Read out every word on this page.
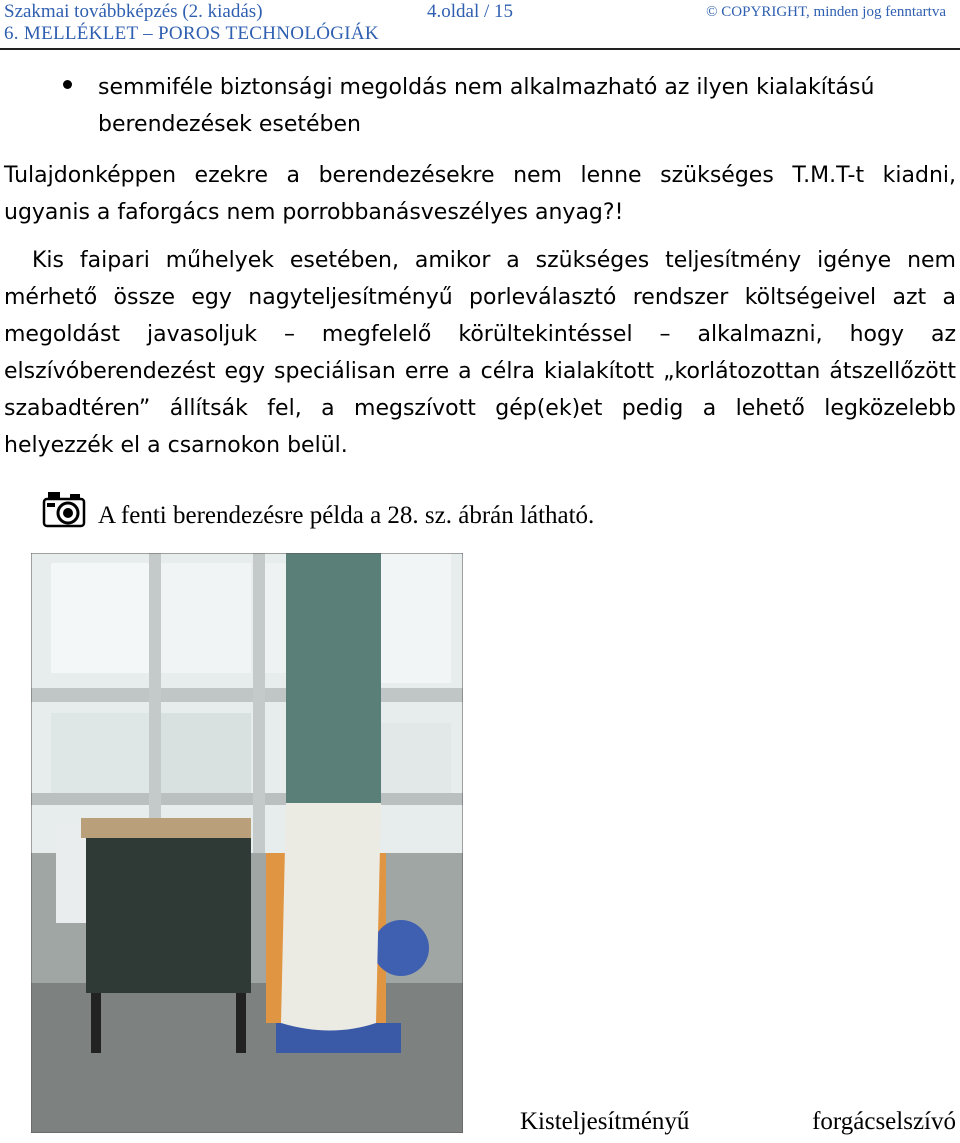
Szakmai továbbképzés (2. kiadás)	4.oldal / 15	© COPYRIGHT, minden jog fenntartva
6. MELLÉKLET – POROS TECHNOLÓGIÁK
semmiféle biztonsági megoldás nem alkalmazható az ilyen kialakítású berendezések esetében
Tulajdonképpen ezekre a berendezésekre nem lenne szükséges T.M.T-t kiadni, ugyanis a faforgács nem porrobbanásveszélyes anyag?!
Kis faipari műhelyek esetében, amikor a szükséges teljesítmény igénye nem mérhető össze egy nagyteljesítményű porleválasztó rendszer költségeivel azt a megoldást javasoljuk – megfelelő körültekintéssel – alkalmazni, hogy az elszívóberendezést egy speciálisan erre a célra kialakított „korlátozottan átszellőzött szabadtéren” állítsák fel, a megszívott gép(ek)et pedig a lehető legközelebb helyezzék el a csarnokon belül.
A fenti berendezésre példa a 28. sz. ábrán látható.
Kisteljesítményű	forgácselszívó
